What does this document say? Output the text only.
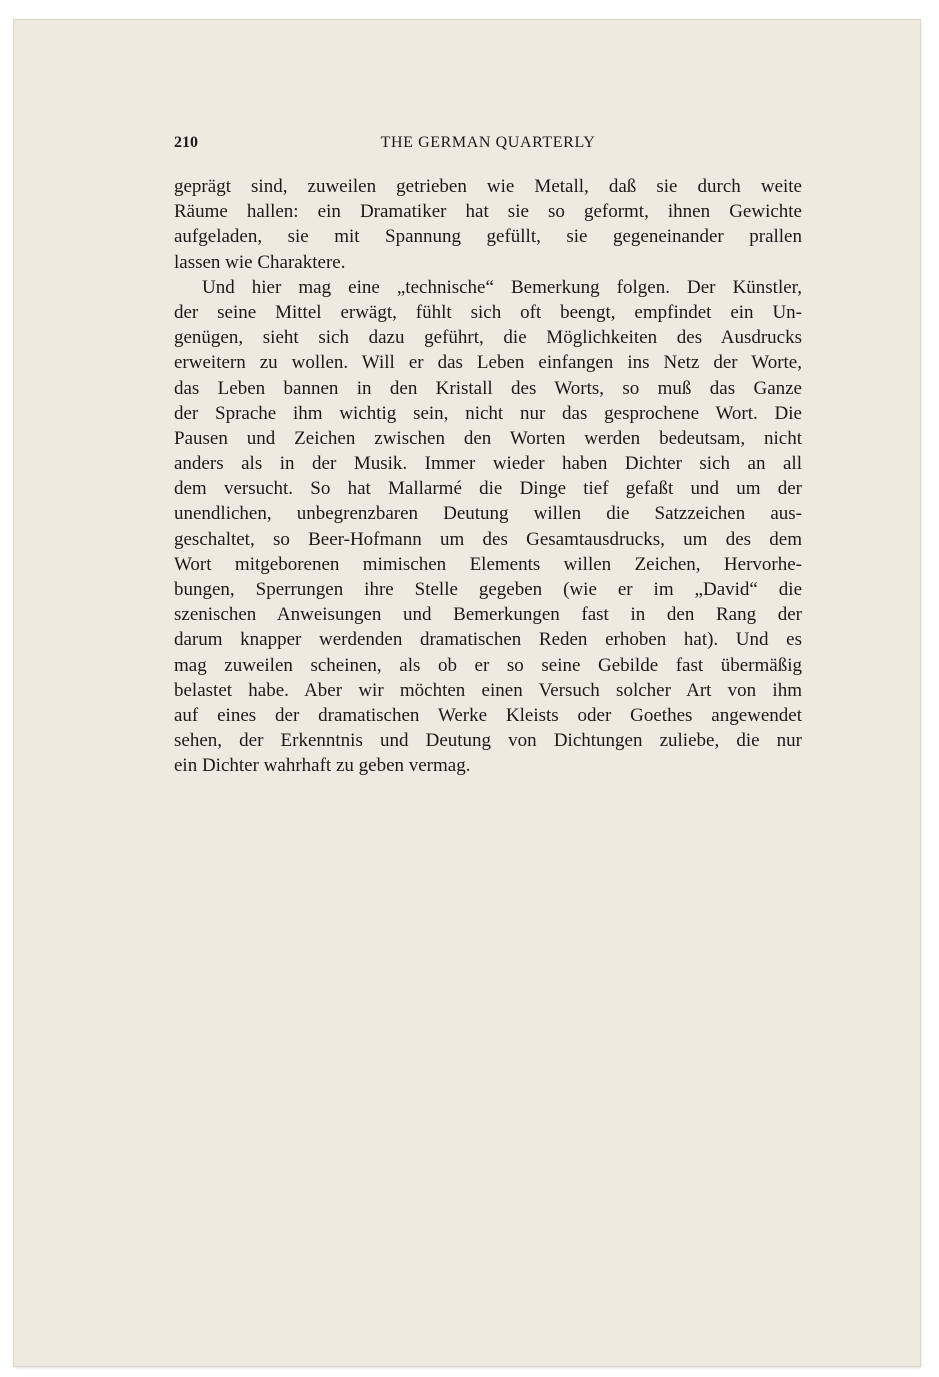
210	THE GERMAN QUARTERLY
geprägt sind, zuweilen getrieben wie Metall, daß sie durch weite
Räume hallen: ein Dramatiker hat sie so geformt, ihnen Gewichte
aufgeladen, sie mit Spannung gefüllt, sie gegeneinander prallen
lassen wie Charaktere.
Und hier mag eine „technische“ Bemerkung folgen. Der Künstler,
der seine Mittel erwägt, fühlt sich oft beengt, empfindet ein Un-
genügen, sieht sich dazu geführt, die Möglichkeiten des Ausdrucks
erweitern zu wollen. Will er das Leben einfangen ins Netz der Worte,
das Leben bannen in den Kristall des Worts, so muß das Ganze
der Sprache ihm wichtig sein, nicht nur das gesprochene Wort. Die
Pausen und Zeichen zwischen den Worten werden bedeutsam, nicht
anders als in der Musik. Immer wieder haben Dichter sich an all
dem versucht. So hat Mallarmé die Dinge tief gefaßt und um der
unendlichen, unbegrenzbaren Deutung willen die Satzzeichen aus-
geschaltet, so Beer-Hofmann um des Gesamtausdrucks, um des dem
Wort mitgeborenen mimischen Elements willen Zeichen, Hervorhe-
bungen, Sperrungen ihre Stelle gegeben (wie er im „David“ die
szenischen Anweisungen und Bemerkungen fast in den Rang der
darum knapper werdenden dramatischen Reden erhoben hat). Und es
mag zuweilen scheinen, als ob er so seine Gebilde fast übermäßig
belastet habe. Aber wir möchten einen Versuch solcher Art von ihm
auf eines der dramatischen Werke Kleists oder Goethes angewendet
sehen, der Erkenntnis und Deutung von Dichtungen zuliebe, die nur
ein Dichter wahrhaft zu geben vermag.
